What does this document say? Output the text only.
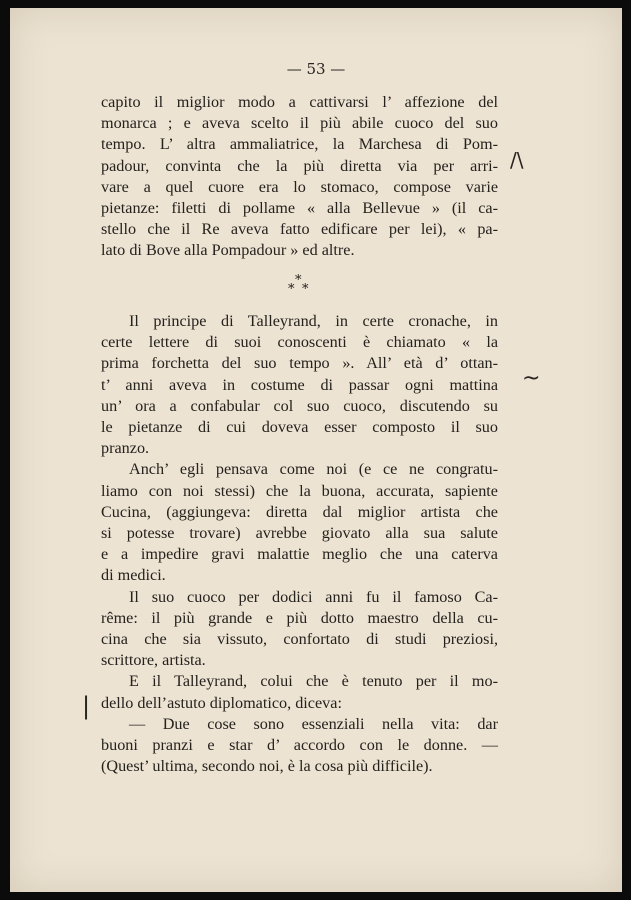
— 53 —

capito il miglior modo a cattivarsi l’ affezione del

monarca ; e aveva scelto il più abile cuoco del suo

tempo. L’ altra ammaliatrice, la Marchesa di Pom-

padour, convinta che la più diretta via per arri-

vare a quel cuore era lo stomaco, compose varie

pietanze: filetti di pollame « alla Bellevue » (il ca-

stello che il Re aveva fatto edificare per lei), « pa-

lato di Bove alla Pompadour » ed altre.

*
* *

Il principe di Talleyrand, in certe cronache, in

certe lettere di suoi conoscenti è chiamato « la

prima forchetta del suo tempo ». All’ età d’ ottan-

t’ anni aveva in costume di passar ogni mattina

un’ ora a confabular col suo cuoco, discutendo su

le pietanze di cui doveva esser composto il suo

pranzo.

Anch’ egli pensava come noi (e ce ne congratu-

liamo con noi stessi) che la buona, accurata, sapiente

Cucina, (aggiungeva: diretta dal miglior artista che

si potesse trovare) avrebbe giovato alla sua salute

e a impedire gravi malattie meglio che una caterva

di medici.

Il suo cuoco per dodici anni fu il famoso Ca-

rême: il più grande e più dotto maestro della cu-

cina che sia vissuto, confortato di studi preziosi,

scrittore, artista.

E il Talleyrand, colui che è tenuto per il mo-

dello dell’astuto diplomatico, diceva:

— Due cose sono essenziali nella vita: dar

buoni pranzi e star d’ accordo con le donne. —

(Quest’ ultima, secondo noi, è la cosa più difficile).

/\
~
|
